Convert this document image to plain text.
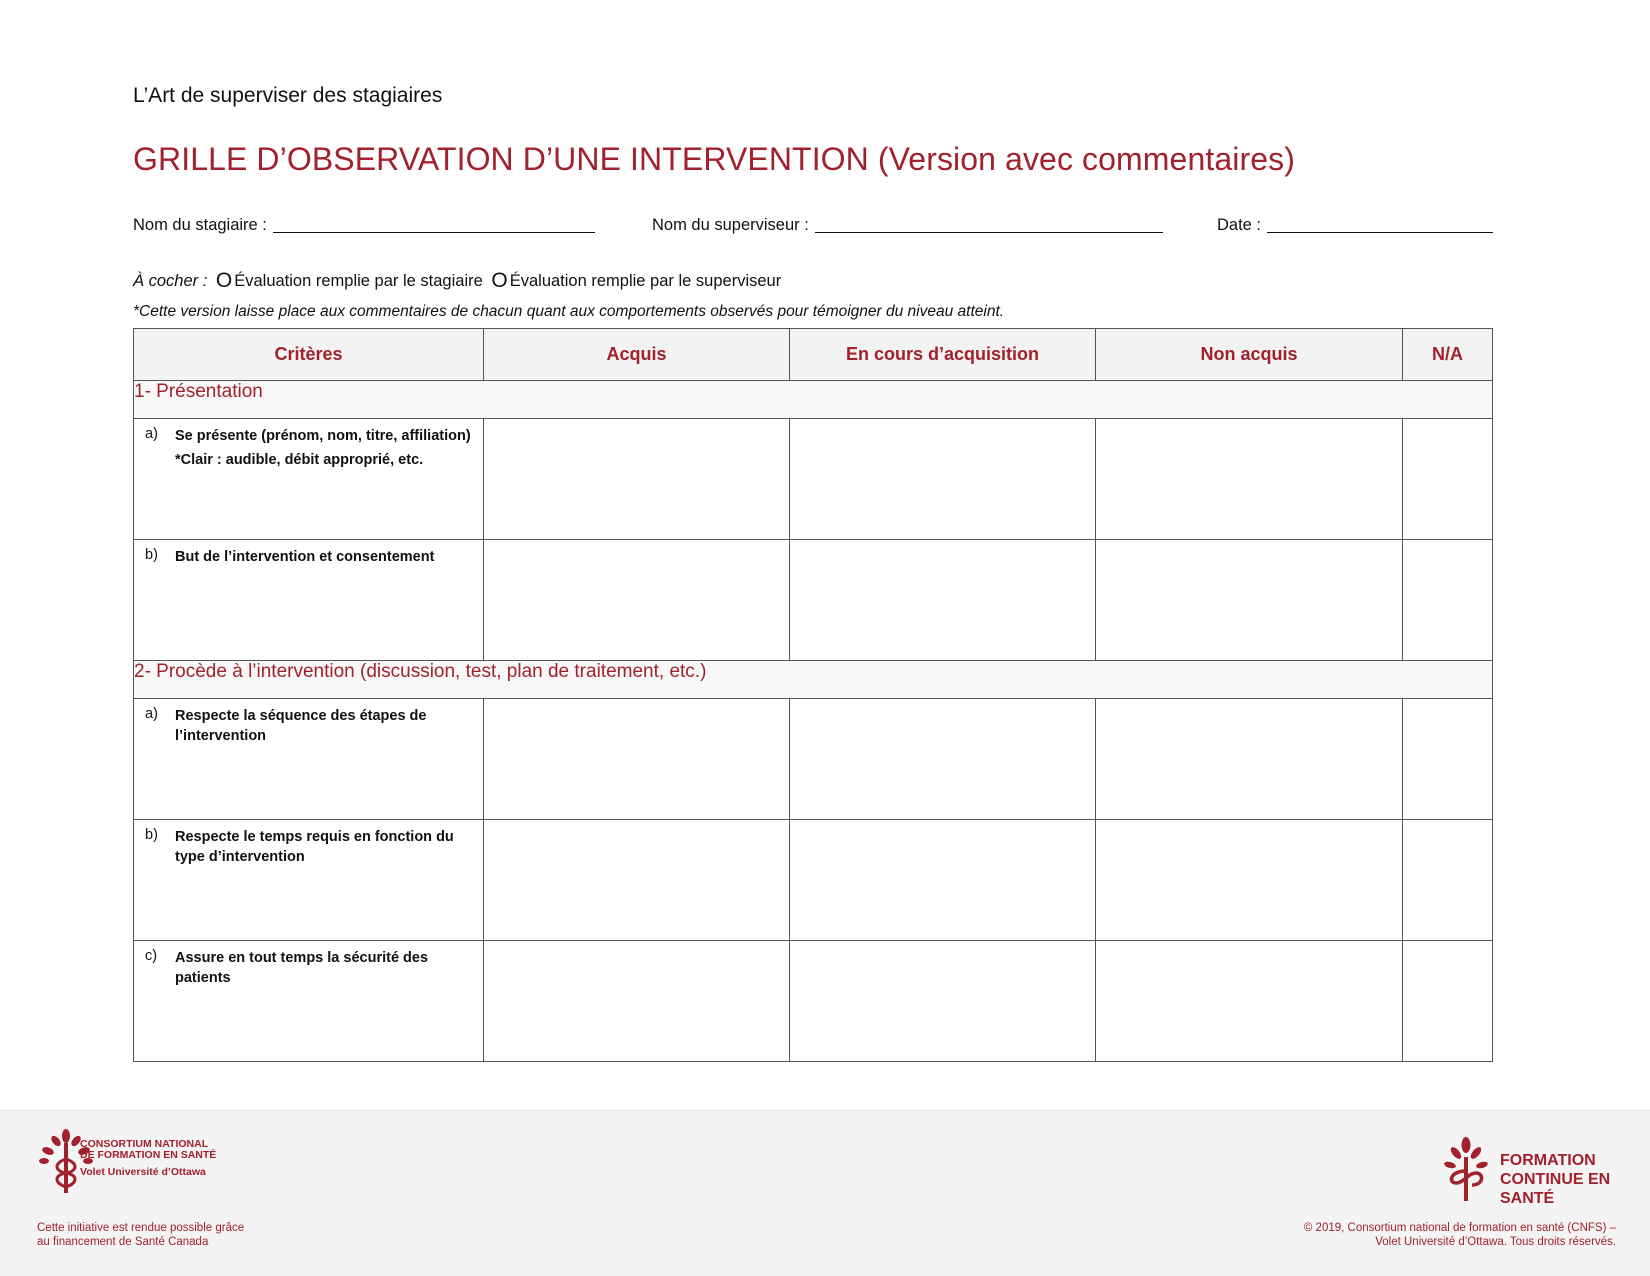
L’Art de superviser des stagiaires
GRILLE D’OBSERVATION D’UNE INTERVENTION (Version avec commentaires)
Nom du stagiaire :	Nom du superviseur :	Date :
À cocher : O Évaluation remplie par le stagiaire O Évaluation remplie par le superviseur
*Cette version laisse place aux commentaires de chacun quant aux comportements observés pour témoigner du niveau atteint.
Critères	Acquis	En cours d’acquisition	Non acquis	N/A
1- Présentation				

a) Se présente (prénom, nom, titre, affiliation)
*Clair : audible, débit approprié, etc.				

b) But de l’intervention et consentement				

2- Procède à l’intervention (discussion, test, plan de traitement, etc.)				

a) Respecte la séquence des étapes de l’intervention				

b) Respecte le temps requis en fonction du type d’intervention				

c) Assure en tout temps la sécurité des patients				

CONSORTIUM NATIONAL
DE FORMATION EN SANTÉ
Volet Université d’Ottawa
Cette initiative est rendue possible grâce au financement de Santé Canada
FORMATION CONTINUE EN SANTÉ
© 2019, Consortium national de formation en santé (CNFS) – Volet Université d’Ottawa. Tous droits réservés.
